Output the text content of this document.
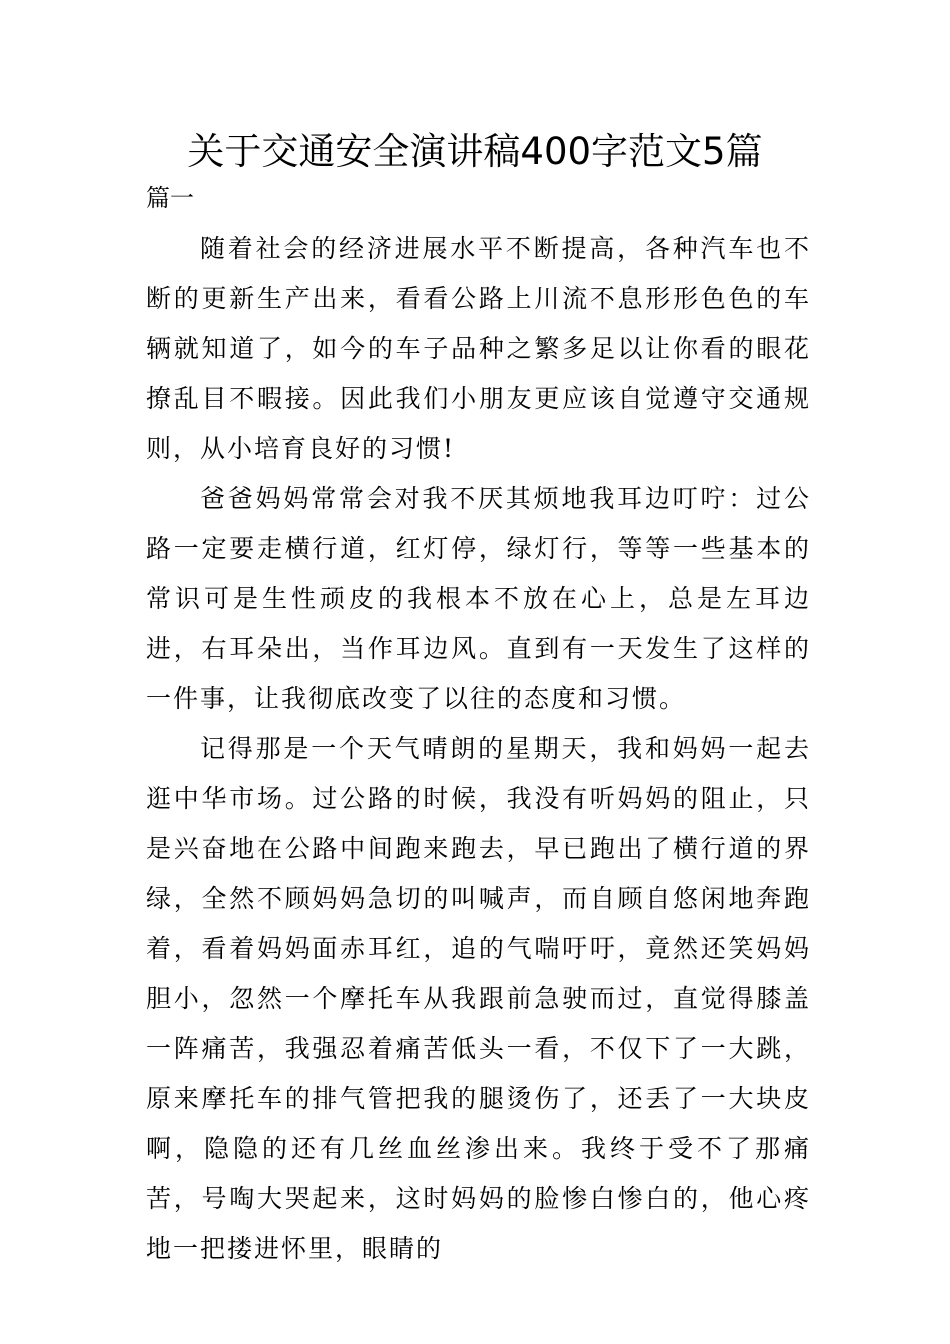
关于交通安全演讲稿400字范文5篇
篇一

随着社会的经济进展水平不断提高，各种汽车也不断的更新生产出来，看看公路上川流不息形形色色的车辆就知道了，如今的车子品种之繁多足以让你看的眼花撩乱目不暇接。因此我们小朋友更应该自觉遵守交通规则，从小培育良好的习惯!

爸爸妈妈常常会对我不厌其烦地我耳边叮咛：过公路一定要走横行道，红灯停，绿灯行，等等一些基本的常识可是生性顽皮的我根本不放在心上，总是左耳边进，右耳朵出，当作耳边风。直到有一天发生了这样的一件事，让我彻底改变了以往的态度和习惯。

记得那是一个天气晴朗的星期天，我和妈妈一起去逛中华市场。过公路的时候，我没有听妈妈的阻止，只是兴奋地在公路中间跑来跑去，早已跑出了横行道的界绿，全然不顾妈妈急切的叫喊声，而自顾自悠闲地奔跑着，看着妈妈面赤耳红，追的气喘吁吁，竟然还笑妈妈胆小，忽然一个摩托车从我跟前急驶而过，直觉得膝盖一阵痛苦，我强忍着痛苦低头一看，不仅下了一大跳，原来摩托车的排气管把我的腿烫伤了，还丢了一大块皮啊，隐隐的还有几丝血丝渗出来。我终于受不了那痛苦，号啕大哭起来，这时妈妈的脸惨白惨白的，他心疼地一把搂进怀里，眼睛的
